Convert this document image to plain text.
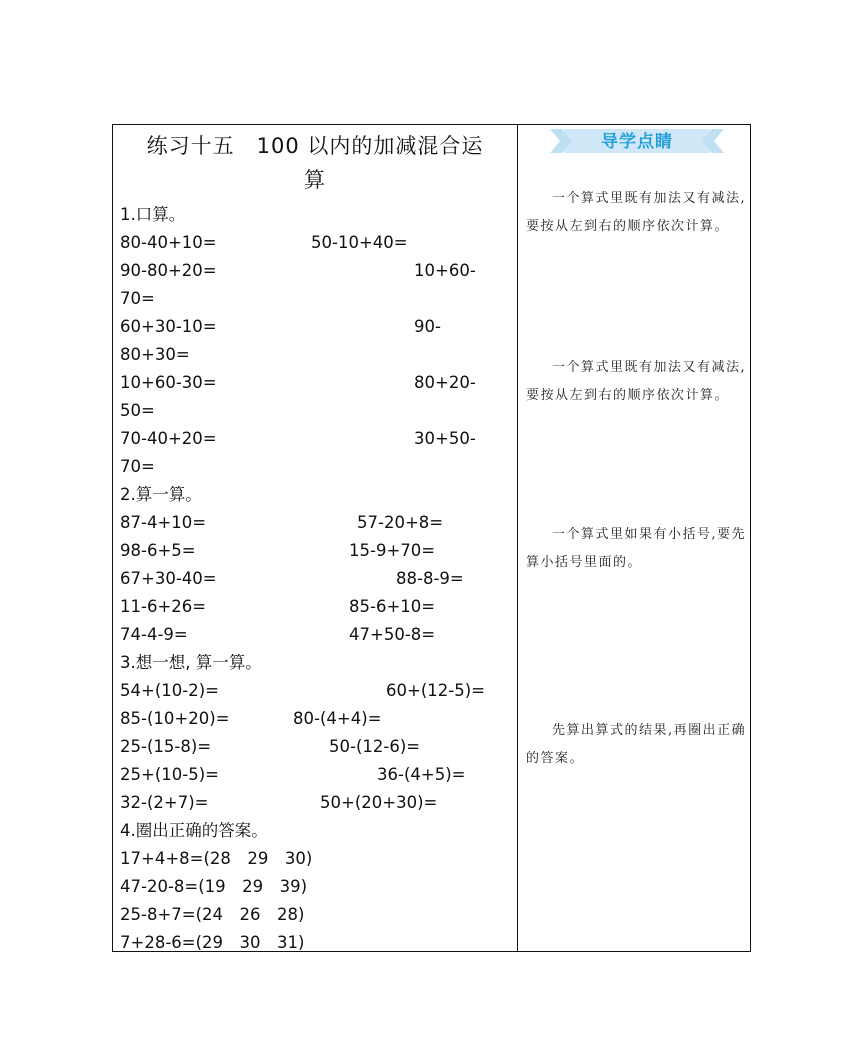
练习十五　100 以内的加减混合运
算
1.口算。
80-40+10=	50-10+40=
90-80+20=	10+60-
70=
60+30-10=	90-
80+30=
10+60-30=	80+20-
50=
70-40+20=	30+50-
70=
2.算一算。
87-4+10=	57-20+8=
98-6+5=	15-9+70=
67+30-40=	88-8-9=
11-6+26=	85-6+10=
74-4-9=	47+50-8=
3.想一想, 算一算。
54+(10-2)=	60+(12-5)=
85-(10+20)=	80-(4+4)=
25-(15-8)=	50-(12-6)=
25+(10-5)=	36-(4+5)=
32-(2+7)=	50+(20+30)=
4.圈出正确的答案。
17+4+8=(28　29　30)
47-20-8=(19　29　39)
25-8+7=(24　26　28)
7+28-6=(29　30　31)
导学点睛
一个算式里既有加法又有减法,要按从左到右的顺序依次计算。
一个算式里既有加法又有减法,要按从左到右的顺序依次计算。
一个算式里如果有小括号,要先算小括号里面的。
先算出算式的结果,再圈出正确的答案。
